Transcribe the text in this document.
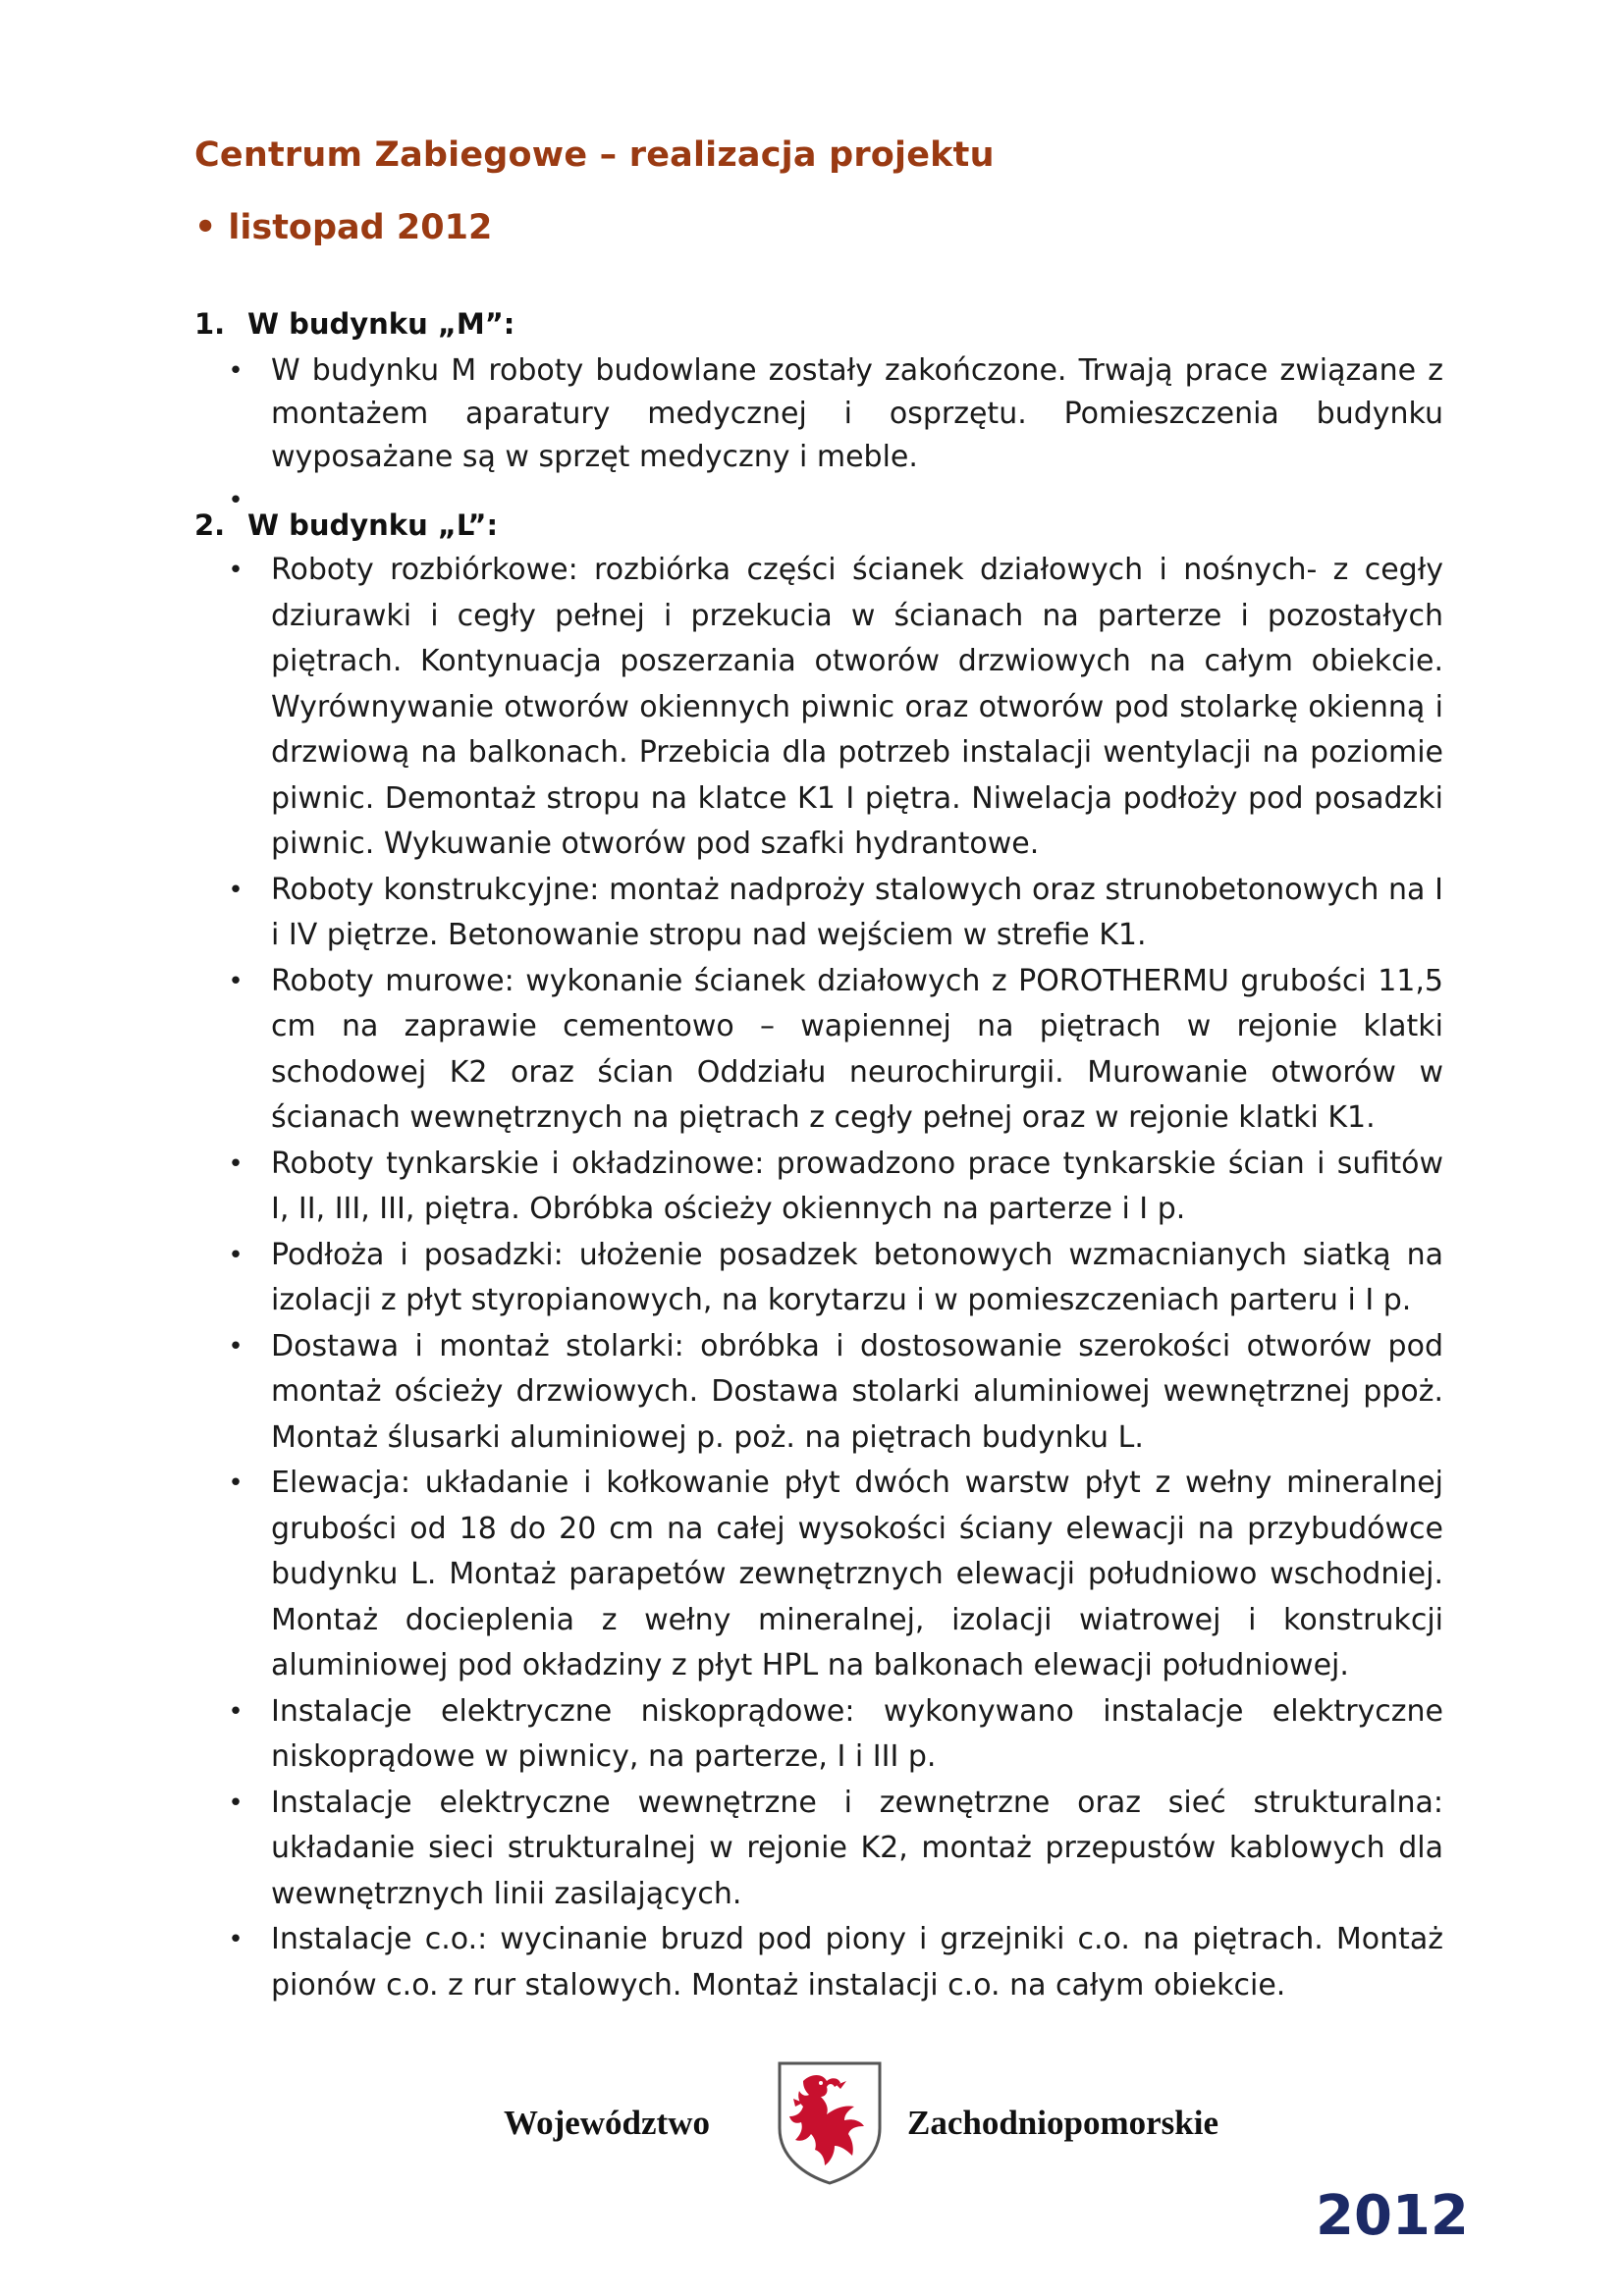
Centrum Zabiegowe – realizacja projektu
• listopad 2012
1. W budynku „M”:
• W budynku M roboty budowlane zostały zakończone. Trwają prace związane z montażem aparatury medycznej i osprzętu. Pomieszczenia budynku wyposażane są w sprzęt medyczny i meble.
•
2. W budynku „L”:
• Roboty rozbiórkowe: rozbiórka części ścianek działowych i nośnych- z cegły dziurawki i cegły pełnej i przekucia w ścianach na parterze i pozostałych piętrach. Kontynuacja poszerzania otworów drzwiowych na całym obiekcie. Wyrównywanie otworów okiennych piwnic oraz otworów pod stolarkę okienną i drzwiową na balkonach. Przebicia dla potrzeb instalacji wentylacji na poziomie piwnic. Demontaż stropu na klatce K1 I piętra. Niwelacja podłoży pod posadzki piwnic. Wykuwanie otworów pod szafki hydrantowe.
• Roboty konstrukcyjne: montaż nadproży stalowych oraz strunobetonowych na I i IV piętrze. Betonowanie stropu nad wejściem w strefie K1.
• Roboty murowe: wykonanie ścianek działowych z POROTHERMU grubości 11,5 cm na zaprawie cementowo – wapiennej na piętrach w rejonie klatki schodowej K2 oraz ścian Oddziału neurochirurgii. Murowanie otworów w ścianach wewnętrznych na piętrach z cegły pełnej oraz w rejonie klatki K1.
• Roboty tynkarskie i okładzinowe: prowadzono prace tynkarskie ścian i sufitów I, II, III, III, piętra. Obróbka ościeży okiennych na parterze i I p.
• Podłoża i posadzki: ułożenie posadzek betonowych wzmacnianych siatką na izolacji z płyt styropianowych, na korytarzu i w pomieszczeniach parteru i I p.
• Dostawa i montaż stolarki: obróbka i dostosowanie szerokości otworów pod montaż ościeży drzwiowych. Dostawa stolarki aluminiowej wewnętrznej ppoż. Montaż ślusarki aluminiowej p. poż. na piętrach budynku L.
• Elewacja: układanie i kołkowanie płyt dwóch warstw płyt z wełny mineralnej grubości od 18 do 20 cm na całej wysokości ściany elewacji na przybudówce budynku L. Montaż parapetów zewnętrznych elewacji południowo wschodniej. Montaż docieplenia z wełny mineralnej, izolacji wiatrowej i konstrukcji aluminiowej pod okładziny z płyt HPL na balkonach elewacji południowej.
• Instalacje elektryczne niskoprądowe: wykonywano instalacje elektryczne niskoprądowe w piwnicy, na parterze, I i III p.
• Instalacje elektryczne wewnętrzne i zewnętrzne oraz sieć strukturalna: układanie sieci strukturalnej w rejonie K2, montaż przepustów kablowych dla wewnętrznych linii zasilających.
• Instalacje c.o.: wycinanie bruzd pod piony i grzejniki c.o. na piętrach. Montaż pionów c.o. z rur stalowych. Montaż instalacji c.o. na całym obiekcie.

Województwo	Zachodniopomorskie

2012
